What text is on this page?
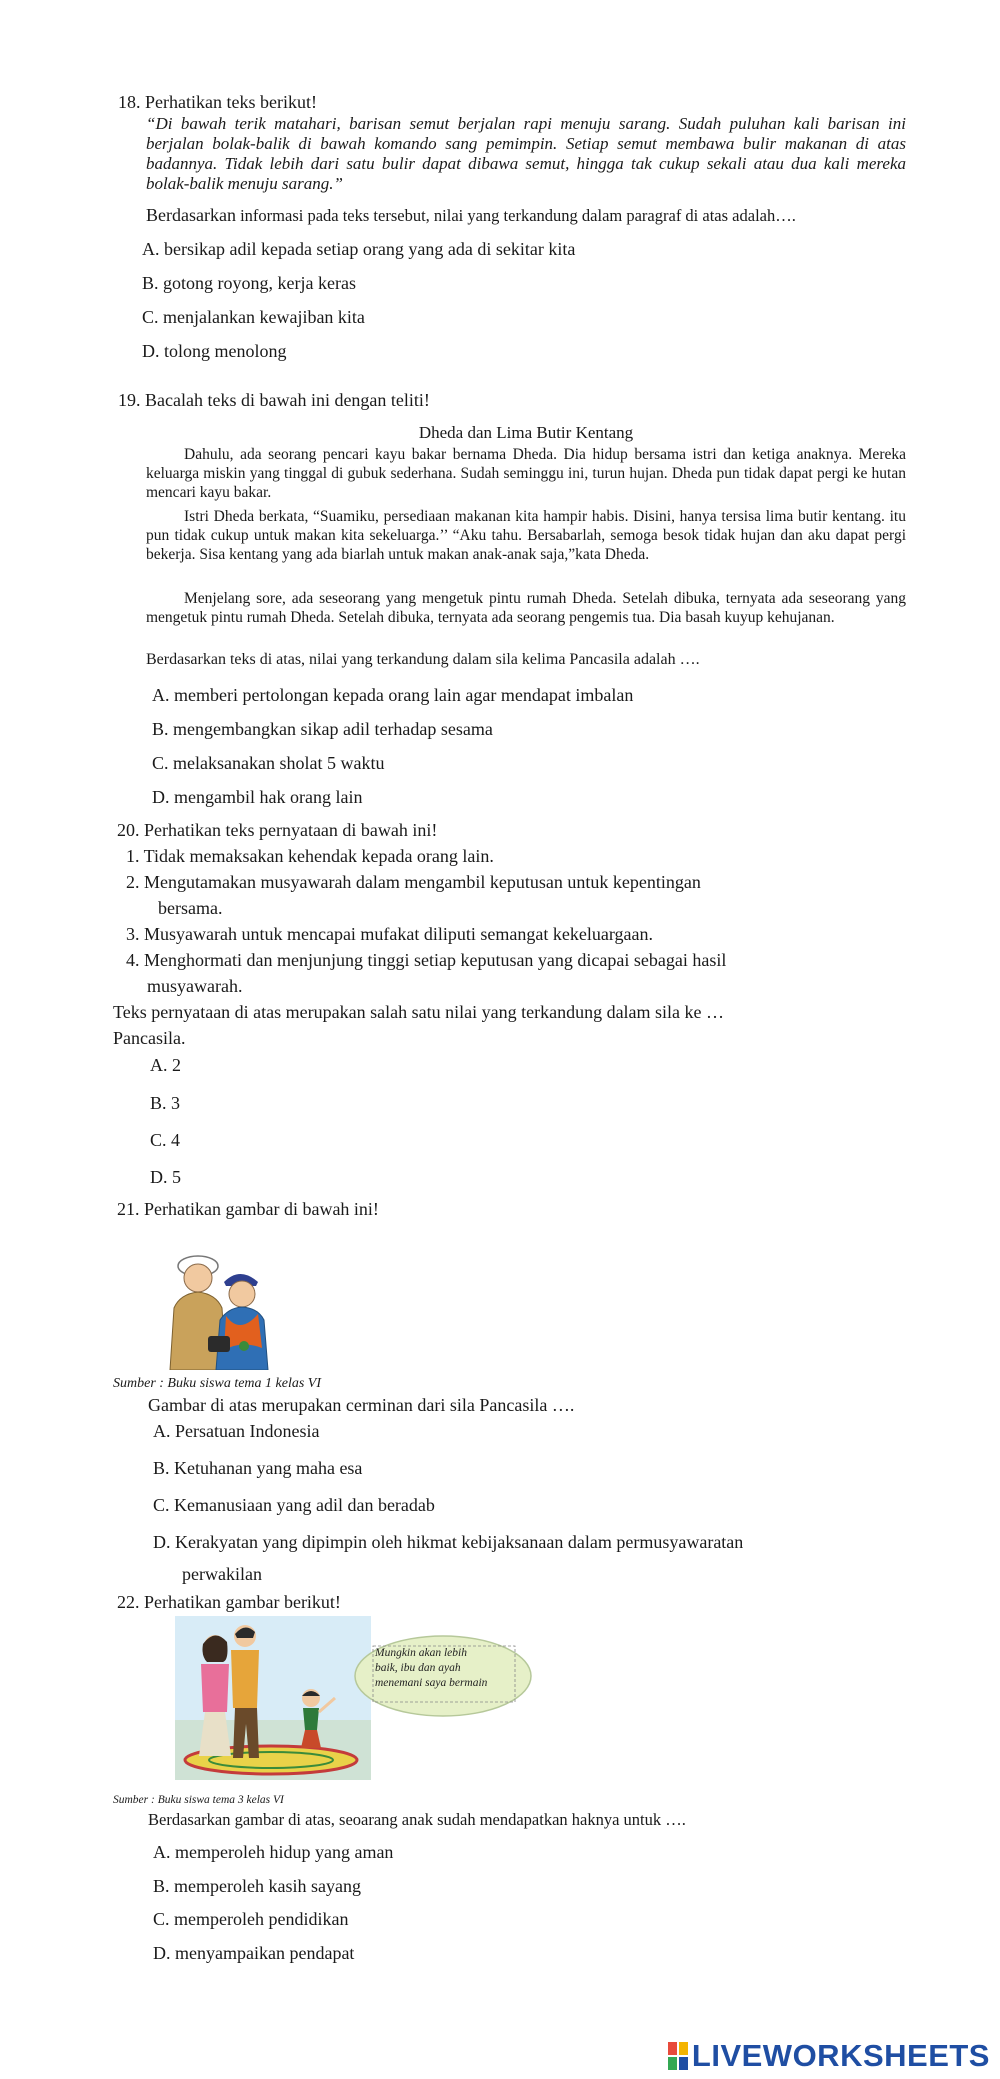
18. Perhatikan teks berikut!
“Di bawah terik matahari, barisan semut berjalan rapi menuju sarang. Sudah puluhan kali barisan ini berjalan bolak-balik di bawah komando sang pemimpin. Setiap semut membawa bulir makanan di atas badannya. Tidak lebih dari satu bulir dapat dibawa semut, hingga tak cukup sekali atau dua kali mereka bolak-balik menuju sarang.”
Berdasarkan informasi pada teks tersebut, nilai yang terkandung dalam paragraf di atas adalah….
A. bersikap adil kepada setiap orang yang ada di sekitar kita
B. gotong royong, kerja keras
C. menjalankan kewajiban kita
D. tolong menolong
19. Bacalah teks di bawah ini dengan teliti!
Dheda dan Lima Butir Kentang
Dahulu, ada seorang pencari kayu bakar bernama Dheda. Dia hidup bersama istri dan ketiga anaknya. Mereka keluarga miskin yang tinggal di gubuk sederhana. Sudah seminggu ini, turun hujan. Dheda pun tidak dapat pergi ke hutan mencari kayu bakar.
Istri Dheda berkata, “Suamiku, persediaan makanan kita hampir habis. Disini, hanya tersisa lima butir kentang. itu pun tidak cukup untuk makan kita sekeluarga.’’ “Aku tahu. Bersabarlah, semoga besok tidak hujan dan aku dapat pergi bekerja. Sisa kentang yang ada biarlah untuk makan anak-anak saja,”kata Dheda.
Menjelang sore, ada seseorang yang mengetuk pintu rumah Dheda. Setelah dibuka, ternyata ada seseorang yang mengetuk pintu rumah Dheda. Setelah dibuka, ternyata ada seorang pengemis tua. Dia basah kuyup kehujanan.
Berdasarkan teks di atas, nilai yang terkandung dalam sila kelima Pancasila adalah ….
A. memberi pertolongan kepada orang lain agar mendapat imbalan
B. mengembangkan sikap adil terhadap sesama
C. melaksanakan sholat 5 waktu
D. mengambil hak orang lain
20. Perhatikan teks pernyataan di bawah ini!
1. Tidak memaksakan kehendak kepada orang lain.
2. Mengutamakan musyawarah dalam mengambil keputusan untuk kepentingan
bersama.
3. Musyawarah untuk mencapai mufakat diliputi semangat kekeluargaan.
4. Menghormati dan menjunjung tinggi setiap keputusan yang dicapai sebagai hasil
musyawarah.
Teks pernyataan di atas merupakan salah satu nilai yang terkandung dalam sila ke …
Pancasila.
A. 2
B. 3
C. 4
D. 5
21. Perhatikan gambar di bawah ini!
Sumber : Buku siswa tema 1 kelas VI
Gambar di atas merupakan cerminan dari sila Pancasila ….
A. Persatuan Indonesia
B. Ketuhanan yang maha esa
C. Kemanusiaan yang adil dan beradab
D. Kerakyatan yang dipimpin oleh hikmat kebijaksanaan dalam permusyawaratan
perwakilan
22. Perhatikan gambar berikut!
Mungkin akan lebih
baik, ibu dan ayah
menemani saya bermain
Sumber : Buku siswa tema 3 kelas VI
Berdasarkan gambar di atas, seoarang anak sudah mendapatkan haknya untuk ….
A. memperoleh hidup yang aman
B. memperoleh kasih sayang
C. memperoleh pendidikan
D. menyampaikan pendapat
LIVEWORKSHEETS
